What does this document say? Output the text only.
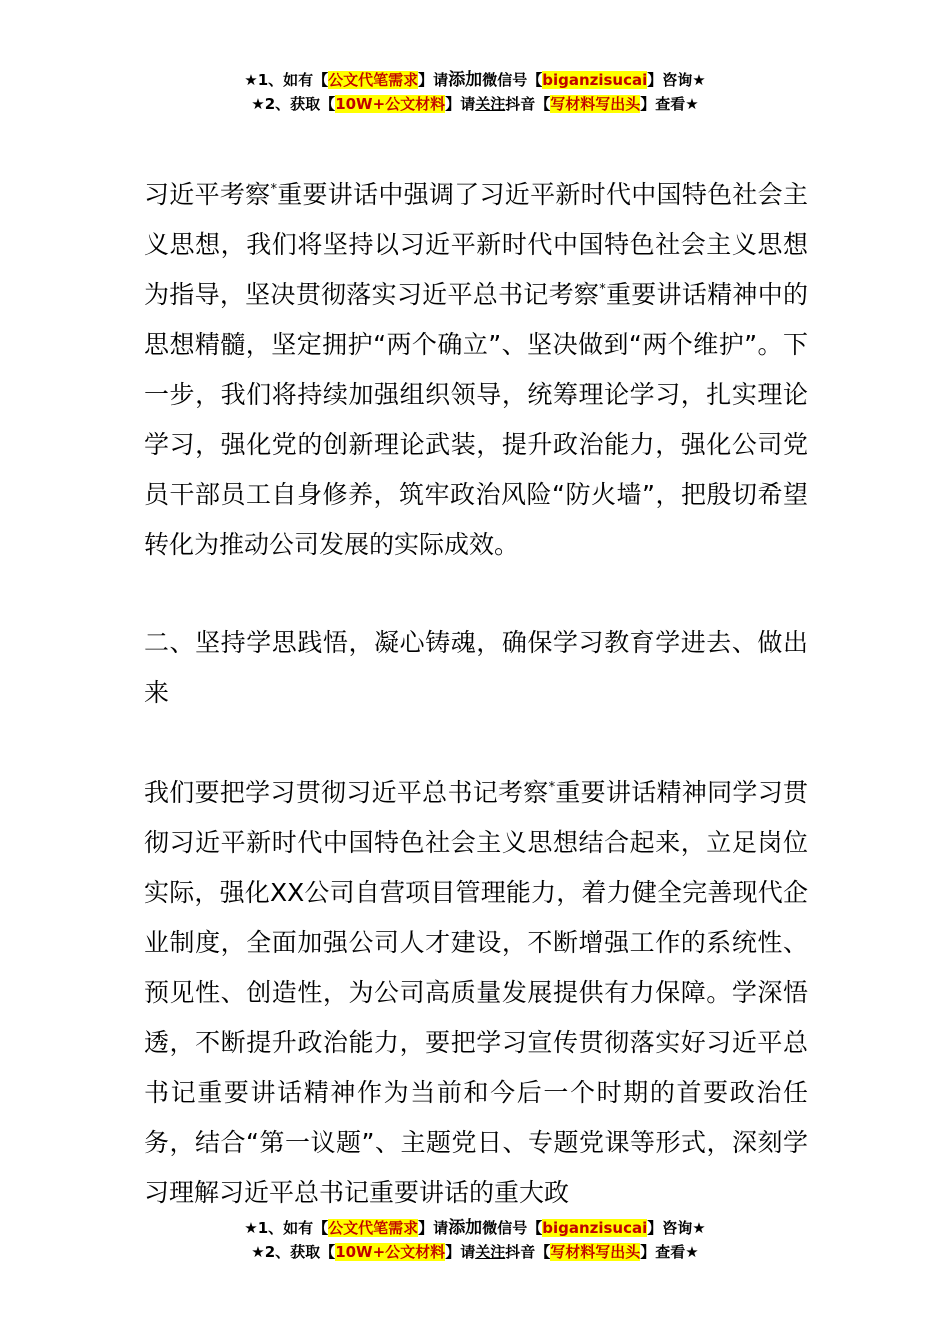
★1、如有【公文代笔需求】请添加微信号【biganzisucai】咨询★
★2、获取【10W+公文材料】请关注抖音【写材料写出头】查看★

习近平考察*重要讲话中强调了习近平新时代中国特色社会主义思想，我们将坚持以习近平新时代中国特色社会主义思想为指导，坚决贯彻落实习近平总书记考察*重要讲话精神中的思想精髓，坚定拥护“两个确立”、坚决做到“两个维护”。下一步，我们将持续加强组织领导，统筹理论学习，扎实理论学习，强化党的创新理论武装，提升政治能力，强化公司党员干部员工自身修养，筑牢政治风险“防火墙”，把殷切希望转化为推动公司发展的实际成效。

二、坚持学思践悟，凝心铸魂，确保学习教育学进去、做出来

我们要把学习贯彻习近平总书记考察*重要讲话精神同学习贯彻习近平新时代中国特色社会主义思想结合起来，立足岗位实际，强化XX公司自营项目管理能力，着力健全完善现代企业制度，全面加强公司人才建设，不断增强工作的系统性、预见性、创造性，为公司高质量发展提供有力保障。学深悟透，不断提升政治能力，要把学习宣传贯彻落实好习近平总书记重要讲话精神作为当前和今后一个时期的首要政治任务，结合“第一议题”、主题党日、专题党课等形式，深刻学习理解习近平总书记重要讲话的重大政

★1、如有【公文代笔需求】请添加微信号【biganzisucai】咨询★
★2、获取【10W+公文材料】请关注抖音【写材料写出头】查看★
